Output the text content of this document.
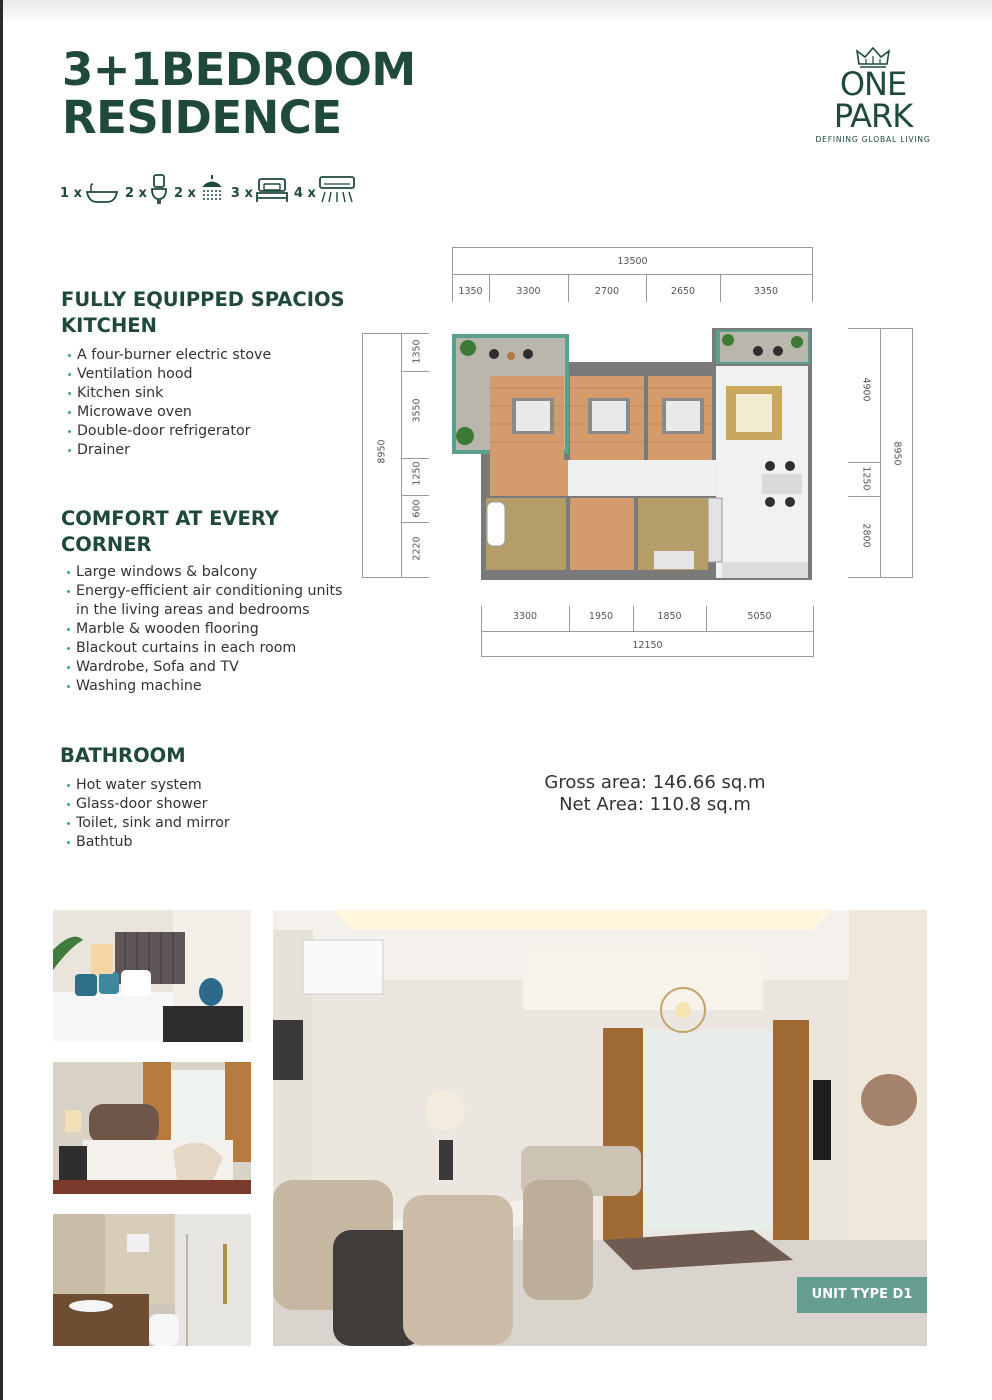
3+1BEDROOM
RESIDENCE
ONE
PARK
DEFINING GLOBAL LIVING
1 x	2 x 2 x	3 x	4 x
FULLY EQUIPPED SPACIOS
KITCHEN
A four-burner electric stove
Ventilation hood
Kitchen sink
Microwave oven
Double-door refrigerator
Drainer
COMFORT AT EVERY
CORNER
Large windows & balcony
Energy-efficient air conditioning units
in the living areas and bedrooms
Marble & wooden flooring
Blackout curtains in each room
Wardrobe, Sofa and TV
Washing machine
BATHROOM
Hot water system
Glass-door shower
Toilet, sink and mirror
Bathtub
13500
1350	3300	2700	2650	3350
8950
1350
3550
1250
600
2220
8950
4900
1250
2800
3300	1950	1850	5050
12150
Gross area: 146.66 sq.m
Net Area: 110.8 sq.m
UNIT TYPE D1
